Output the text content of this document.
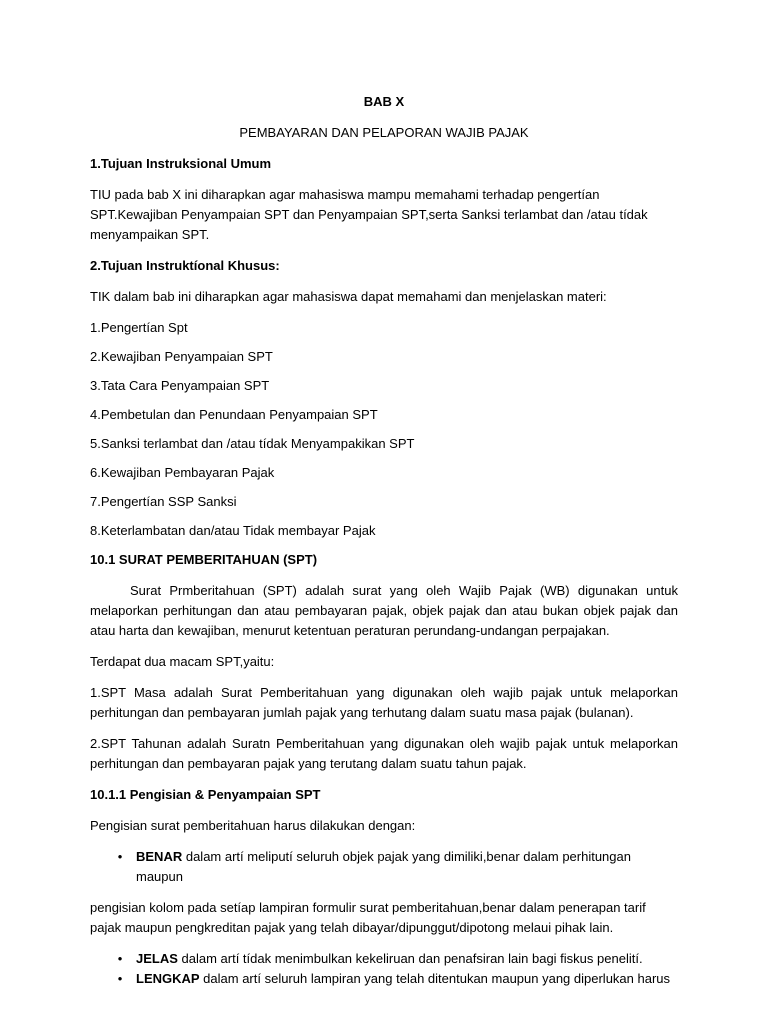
BAB X

PEMBAYARAN DAN PELAPORAN WAJIB PAJAK

1.Tujuan Instruksional Umum

TIU pada bab X ini diharapkan agar mahasiswa mampu memahami terhadap pengertían SPT.Kewajiban Penyampaian SPT dan Penyampaian SPT,serta Sanksi terlambat dan /atau tídak menyampaikan SPT.

2.Tujuan Instruktíonal Khusus:

TIK dalam bab ini diharapkan agar mahasiswa dapat memahami dan menjelaskan materi:

1.Pengertían Spt

2.Kewajiban Penyampaian SPT

3.Tata Cara Penyampaian SPT

4.Pembetulan dan Penundaan Penyampaian SPT

5.Sanksi terlambat dan /atau tídak Menyampakikan SPT

6.Kewajiban Pembayaran Pajak

7.Pengertían SSP Sanksi

8.Keterlambatan dan/atau Tidak membayar Pajak

10.1 SURAT PEMBERITAHUAN (SPT)

Surat Prmberitahuan (SPT) adalah surat yang oleh Wajib Pajak (WB) digunakan untuk melaporkan perhitungan dan atau pembayaran pajak, objek pajak dan atau bukan objek pajak dan atau harta dan kewajiban, menurut ketentuan peraturan perundang-undangan perpajakan.

Terdapat dua macam SPT,yaitu:

1.SPT Masa adalah Surat Pemberitahuan yang digunakan oleh wajib pajak untuk melaporkan perhitungan dan pembayaran jumlah pajak yang terhutang dalam suatu masa pajak (bulanan).

2.SPT Tahunan adalah Suratn Pemberitahuan yang digunakan oleh wajib pajak untuk melaporkan perhitungan dan pembayaran pajak yang terutang dalam suatu tahun pajak.

10.1.1 Pengisian & Penyampaian SPT

Pengisian surat pemberitahuan harus dilakukan dengan:

• BENAR dalam artí meliputí seluruh objek pajak yang dimiliki,benar dalam perhitungan maupun

pengisian kolom pada setíap lampiran formulir surat pemberitahuan,benar dalam penerapan tarif pajak maupun pengkreditan pajak yang telah dibayar/dipunggut/dipotong melaui pihak lain.

• JELAS dalam artí tídak menimbulkan kekeliruan dan penafsiran lain bagi fiskus penelití.
• LENGKAP dalam artí seluruh lampiran yang telah ditentukan maupun yang diperlukan harus
